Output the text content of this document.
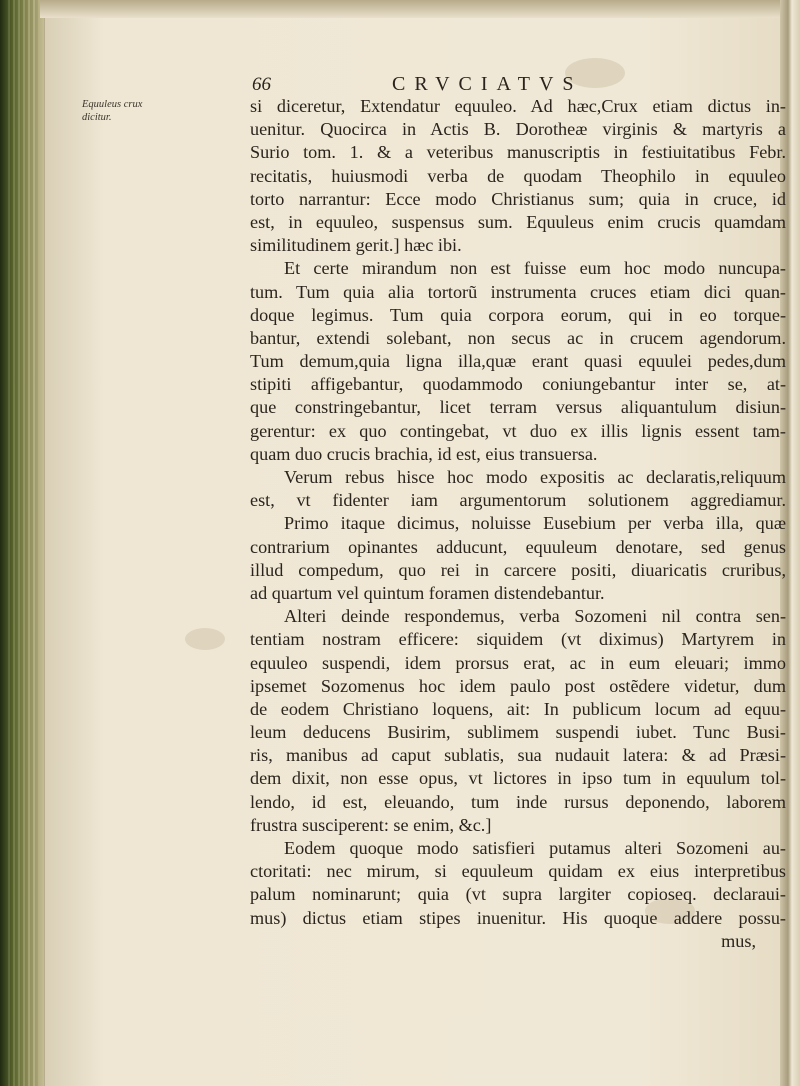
Equuleus crux
dicitur.
66	CRVCIATVS
si diceretur, Extendatur equuleo. Ad hæc,Crux etiam dictus in-
uenitur. Quocirca in Actis B. Dorotheæ virginis & martyris a
Surio tom. 1. & a veteribus manuscriptis in festiuitatibus Febr.
recitatis, huiusmodi verba de quodam Theophilo in equuleo
torto narrantur: Ecce modo Christianus sum; quia in cruce, id
est, in equuleo, suspensus sum. Equuleus enim crucis quamdam
similitudinem gerit.] hæc ibi.
Et certe mirandum non est fuisse eum hoc modo nuncupa-
tum. Tum quia alia tortorũ instrumenta cruces etiam dici quan-
doque legimus. Tum quia corpora eorum, qui in eo torque-
bantur, extendi solebant, non secus ac in crucem agendorum.
Tum demum,quia ligna illa,quæ erant quasi equulei pedes,dum
stipiti affigebantur, quodammodo coniungebantur inter se, at-
que constringebantur, licet terram versus aliquantulum disiun-
gerentur: ex quo contingebat, vt duo ex illis lignis essent tam-
quam duo crucis brachia, id est, eius transuersa.
Verum rebus hisce hoc modo expositis ac declaratis,reliquum
est, vt fidenter iam argumentorum solutionem aggrediamur.
Primo itaque dicimus, noluisse Eusebium per verba illa, quæ
contrarium opinantes adducunt, equuleum denotare, sed genus
illud compedum, quo rei in carcere positi, diuaricatis cruribus,
ad quartum vel quintum foramen distendebantur.
Alteri deinde respondemus, verba Sozomeni nil contra sen-
tentiam nostram efficere: siquidem (vt diximus) Martyrem in
equuleo suspendi, idem prorsus erat, ac in eum eleuari; immo
ipsemet Sozomenus hoc idem paulo post ostẽdere videtur, dum
de eodem Christiano loquens, ait: In publicum locum ad equu-
leum deducens Busirim, sublimem suspendi iubet. Tunc Busi-
ris, manibus ad caput sublatis, sua nudauit latera: & ad Præsi-
dem dixit, non esse opus, vt lictores in ipso tum in equulum tol-
lendo, id est, eleuando, tum inde rursus deponendo, laborem
frustra susciperent: se enim, &c.]
Eodem quoque modo satisfieri putamus alteri Sozomeni au-
ctoritati: nec mirum, si equuleum quidam ex eius interpretibus
palum nominarunt; quia (vt supra largiter copioseq. declaraui-
mus) dictus etiam stipes inuenitur. His quoque addere possu-
mus,
